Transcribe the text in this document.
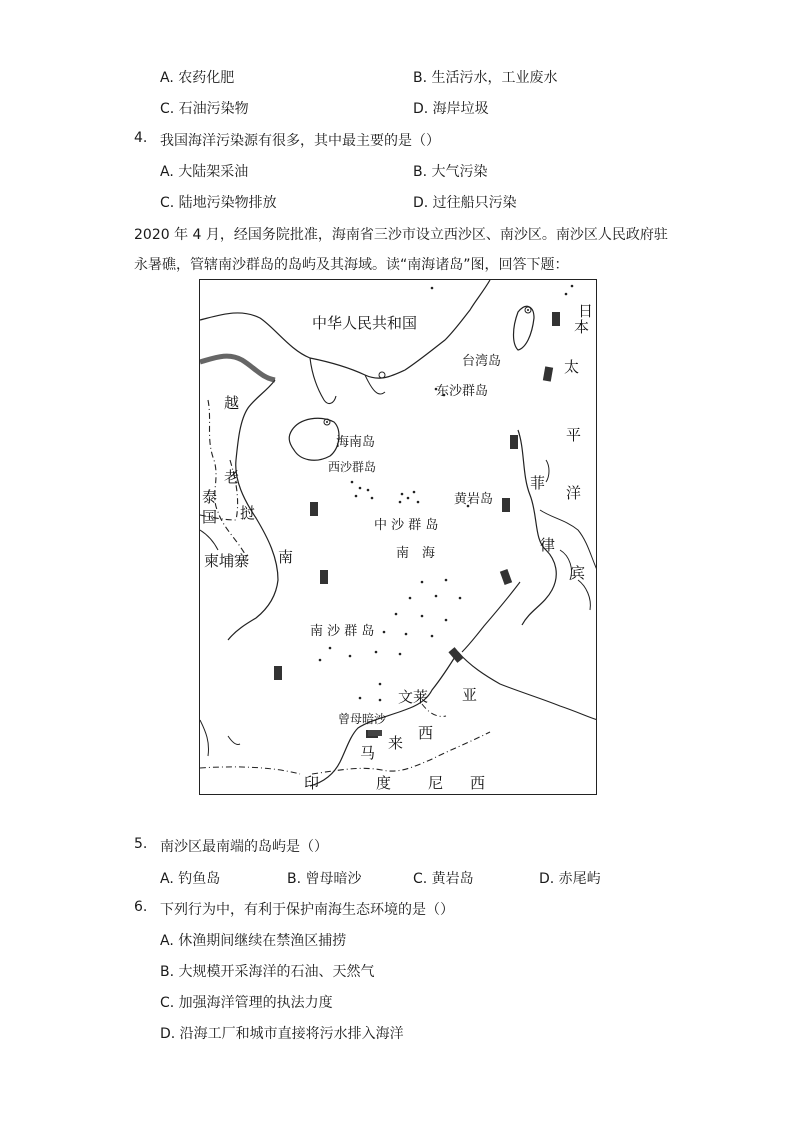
A. 农药化肥	B. 生活污水，工业废水
C. 石油污染物	D. 海岸垃圾
4. 我国海洋污染源有很多，其中最主要的是（）
A. 大陆架采油	B. 大气污染
C. 陆地污染物排放	D. 过往船只污染
2020 年 4 月，经国务院批准，海南省三沙市设立西沙区、南沙区。南沙区人民政府驻
永暑礁，管辖南沙群岛的岛屿及其海域。读“南海诸岛”图，回答下题：
中华人民共和国
日
本
台湾岛	太
平
洋
东沙群岛
越
南
海南岛
西沙群岛
黄岩岛
老
挝
泰
国
菲
律
宾
中 沙 群 岛
柬埔寨	南　海
南 沙 群 岛
文莱 亚
西
马
来
曾母暗沙
印	度 尼 西
5. 南沙区最南端的岛屿是（）
A. 钓鱼岛	B. 曾母暗沙	C. 黄岩岛	D. 赤尾屿
6. 下列行为中，有利于保护南海生态环境的是（）
A. 休渔期间继续在禁渔区捕捞
B. 大规模开采海洋的石油、天然气
C. 加强海洋管理的执法力度
D. 沿海工厂和城市直接将污水排入海洋
